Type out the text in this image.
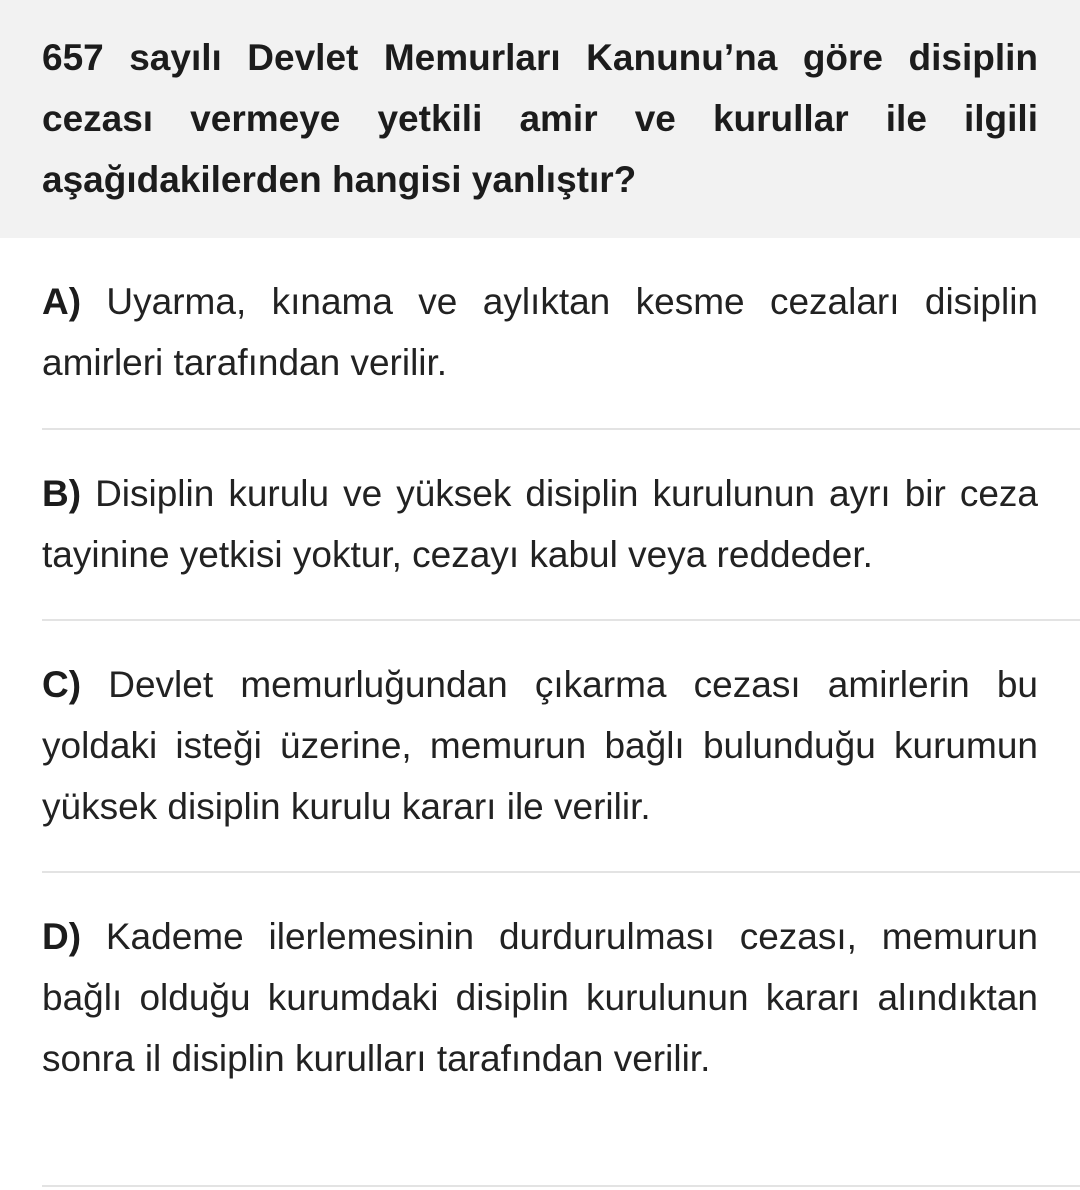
657 sayılı Devlet Memurları Kanunu’na göre disiplin cezası vermeye yetkili amir ve kurullar ile ilgili aşağıdakilerden hangisi yanlıştır?

A) Uyarma, kınama ve aylıktan kesme cezaları disiplin amirleri tarafından verilir.

B) Disiplin kurulu ve yüksek disiplin kurulunun ayrı bir ceza tayinine yetkisi yoktur, cezayı kabul veya reddeder.

C) Devlet memurluğundan çıkarma cezası amirlerin bu yoldaki isteği üzerine, memurun bağlı bulunduğu kurumun yüksek disiplin kurulu kararı ile verilir.

D) Kademe ilerlemesinin durdurulması cezası, memurun bağlı olduğu kurumdaki disiplin kurulunun kararı alındıktan sonra il disiplin kurulları tarafından verilir.
